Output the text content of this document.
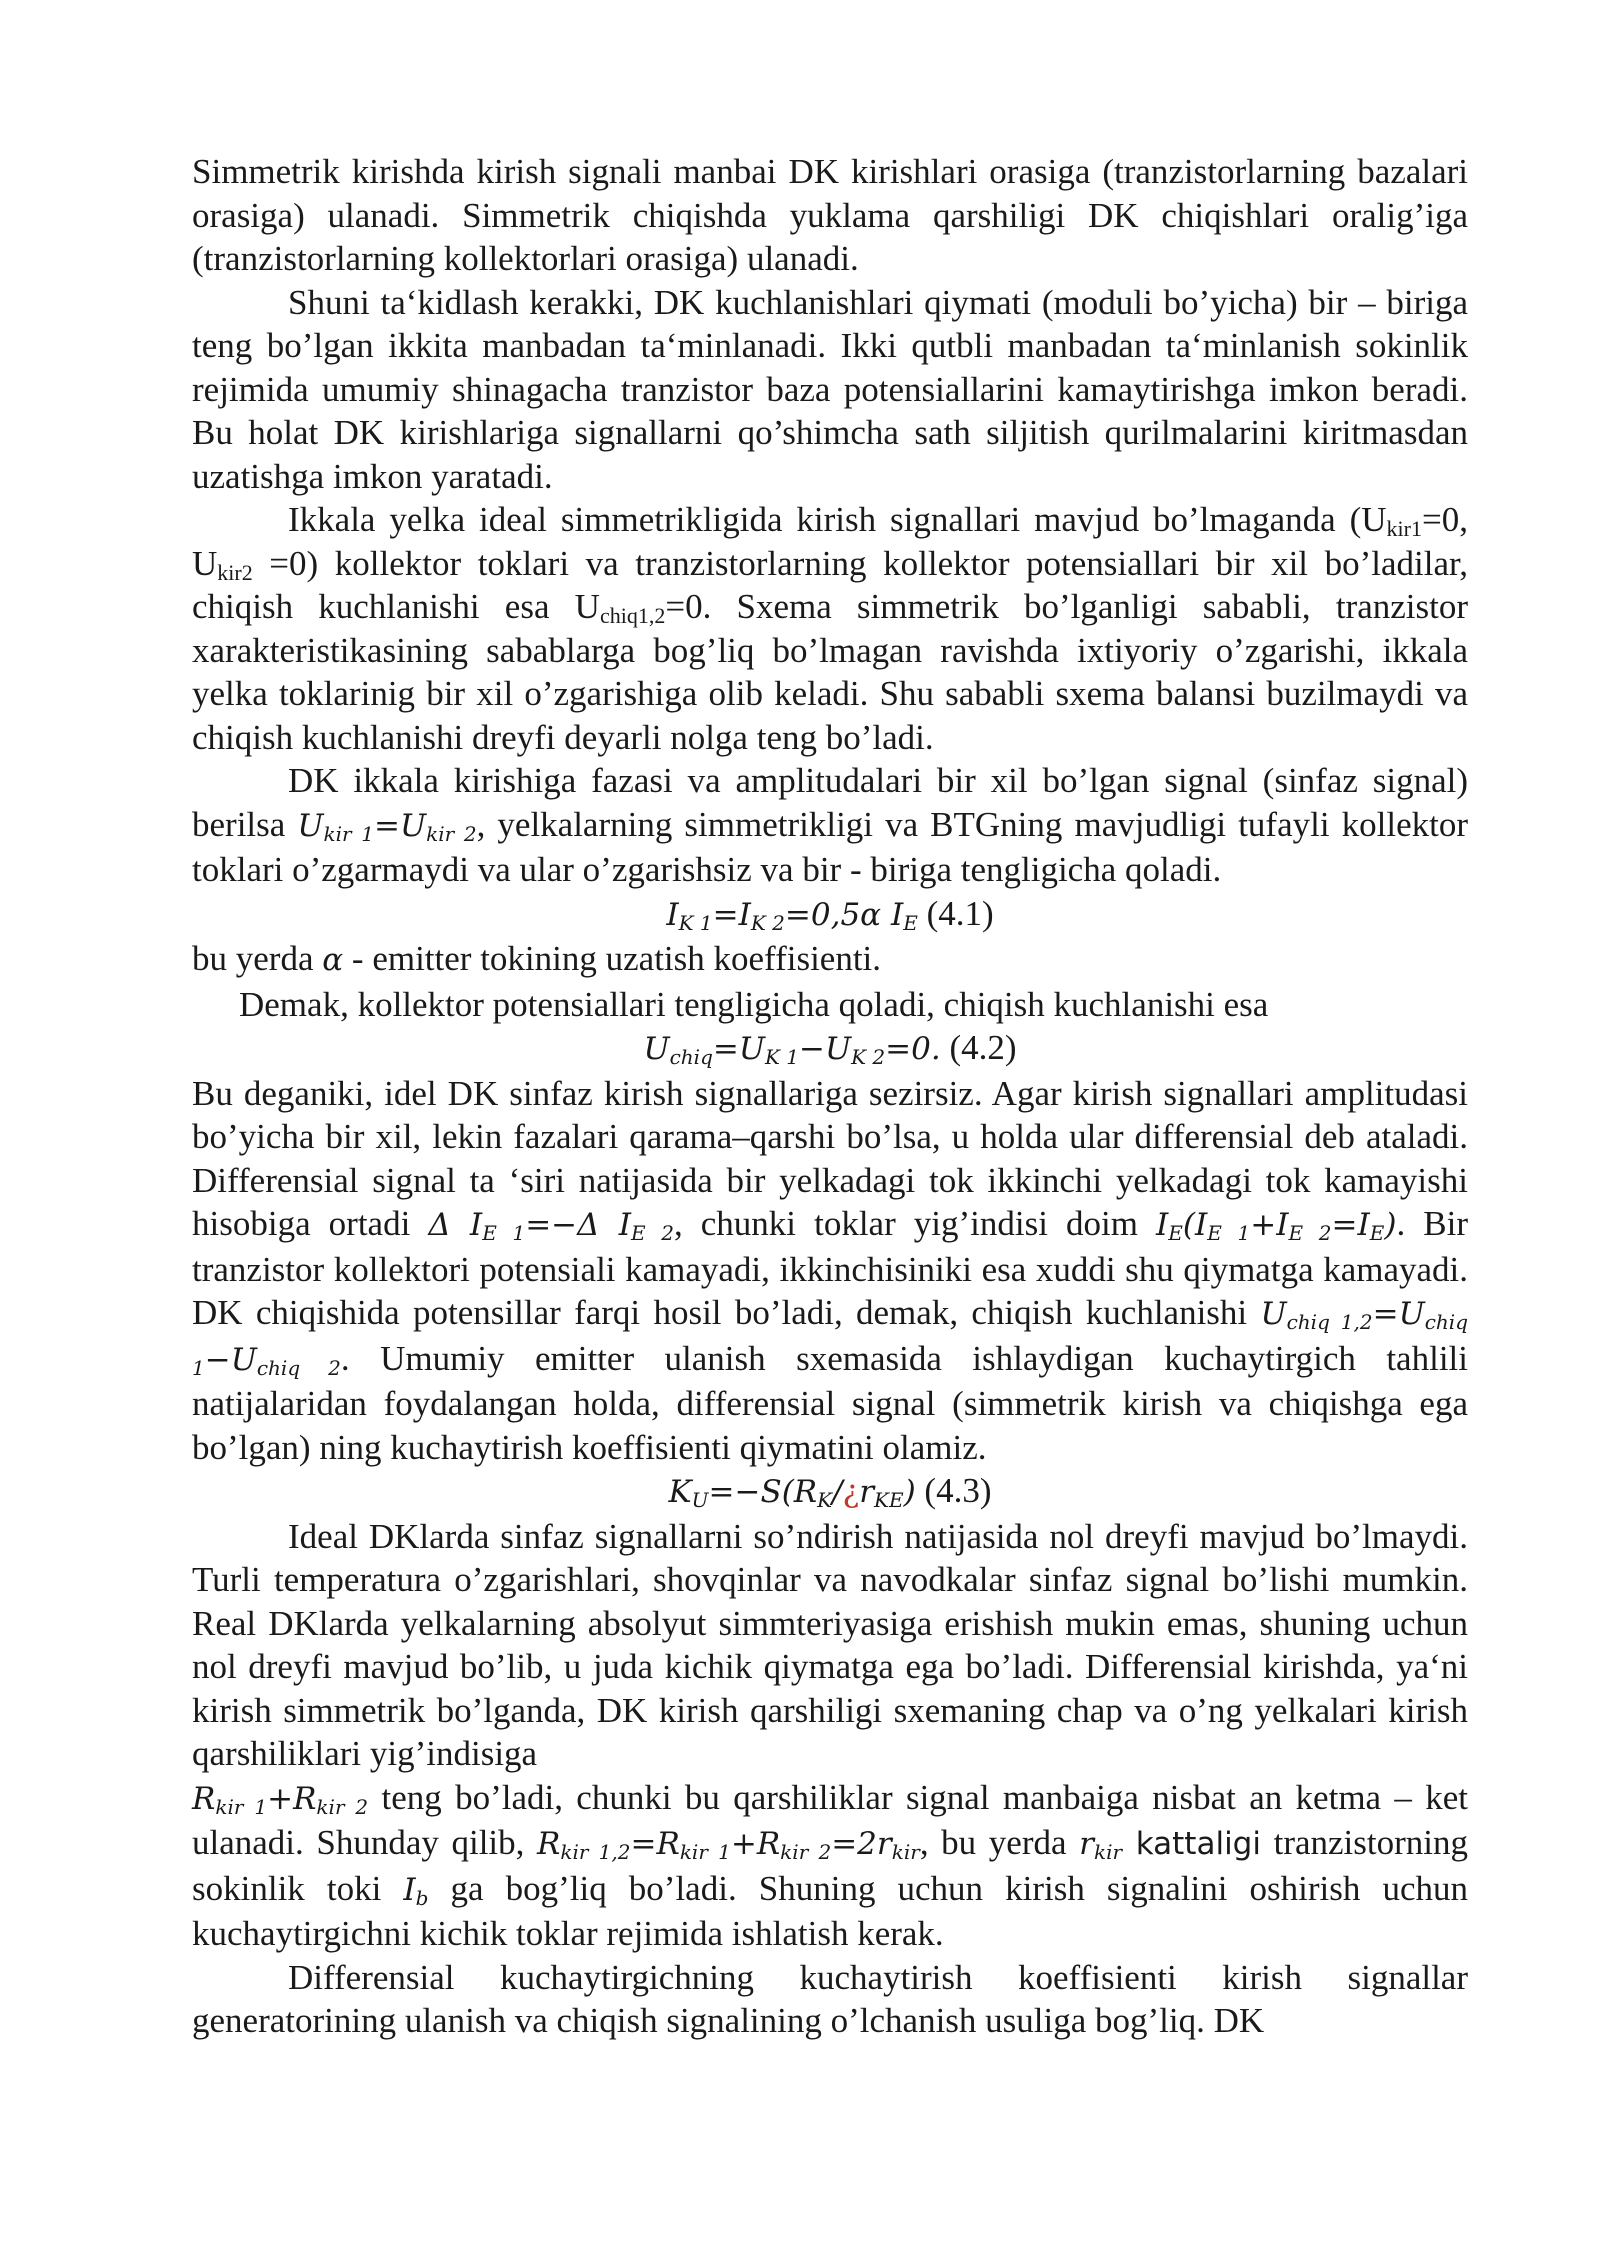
Simmetrik kirishda kirish signali manbai DK kirishlari orasiga (tranzistorlarning bazalari orasiga) ulanadi. Simmetrik chiqishda yuklama qarshiligi DK chiqishlari oralig’iga (tranzistorlarning kollektorlari orasiga) ulanadi.

Shuni ta‘kidlash kerakki, DK kuchlanishlari qiymati (moduli bo’yicha) bir – biriga teng bo’lgan ikkita manbadan ta‘minlanadi. Ikki qutbli manbadan ta‘minlanish sokinlik rejimida umumiy shinagacha tranzistor baza potensiallarini kamaytirishga imkon beradi. Bu holat DK kirishlariga signallarni qo’shimcha sath siljitish qurilmalarini kiritmasdan uzatishga imkon yaratadi.

Ikkala yelka ideal simmetrikligida kirish signallari mavjud bo’lmaganda ($U_{kir1}=0$, $U_{kir2} =0$) kollektor toklari va tranzistorlarning kollektor potensiallari bir xil bo’ladilar, chiqish kuchlanishi esa $U_{chiq1,2}=0$. Sxema simmetrik bo’lganligi sababli, tranzistor xarakteristikasining sabablarga bog’liq bo’lmagan ravishda ixtiyoriy o’zgarishi, ikkala yelka toklarinig bir xil o’zgarishiga olib keladi. Shu sababli sxema balansi buzilmaydi va chiqish kuchlanishi dreyfi deyarli nolga teng bo’ladi.

DK ikkala kirishiga fazasi va amplitudalari bir xil bo’lgan signal (sinfaz signal) berilsa $U_{kir 1}=U_{kir 2}$, yelkalarning simmetrikligi va BTGning mavjudligi tufayli kollektor toklari o’zgarmaydi va ular o’zgarishsiz va bir - biriga tengligicha qoladi.

$I_{K 1}=I_{K 2}=0,5\alpha$ $I_E$ (4.1)

bu yerda α - emitter tokining uzatish koeffisienti.

Demak, kollektor potensiallari tengligicha qoladi, chiqish kuchlanishi esa

$U_{chiq}=U_{K 1}-U_{K 2}=0$. (4.2)

Bu deganiki, idel DK sinfaz kirish signallariga sezirsiz. Agar kirish signallari amplitudasi bo’yicha bir xil, lekin fazalari qarama–qarshi bo’lsa, u holda ular differensial deb ataladi. Differensial signal ta ‘siri natijasida bir yelkadagi tok ikkinchi yelkadagi tok kamayishi hisobiga ortadi Δ $I_{E 1}=-\Delta$ $I_{E 2}$, chunki toklar yig’indisi doim $I_E(I_{E 1}+I_{E 2}=I_E)$. Bir tranzistor kollektori potensiali kamayadi, ikkinchisiniki esa xuddi shu qiymatga kamayadi. DK chiqishida potensillar farqi hosil bo’ladi, demak, chiqish kuchlanishi $U_{chiq 1,2}=U_{chiq 1}-U_{chiq 2}$. Umumiy emitter ulanish sxemasida ishlaydigan kuchaytirgich tahlili natijalaridan foydalangan holda, differensial signal (simmetrik kirish va chiqishga ega bo’lgan) ning kuchaytirish koeffisienti qiymatini olamiz.

$K_U=-S(R_K/¿r_{KE})$ (4.3)

Ideal DKlarda sinfaz signallarni so’ndirish natijasida nol dreyfi mavjud bo’lmaydi. Turli temperatura o’zgarishlari, shovqinlar va navodkalar sinfaz signal bo’lishi mumkin. Real DKlarda yelkalarning absolyut simmteriyasiga erishish mukin emas, shuning uchun nol dreyfi mavjud bo’lib, u juda kichik qiymatga ega bo’ladi. Differensial kirishda, ya‘ni kirish simmetrik bo’lganda, DK kirish qarshiligi sxemaning chap va o’ng yelkalari kirish qarshiliklari yig’indisiga

$R_{kir 1}+R_{kir 2}$ teng bo’ladi, chunki bu qarshiliklar signal manbaiga nisbat an ketma – ket ulanadi. Shunday qilib, $R_{kir 1,2}=R_{kir 1}+R_{kir 2}=2r_{kir}$, bu yerda $r_{kir}$ kattaligi tranzistorning sokinlik toki $I_b$ ga bog’liq bo’ladi. Shuning uchun kirish signalini oshirish uchun kuchaytirgichni kichik toklar rejimida ishlatish kerak.

Differensial kuchaytirgichning kuchaytirish koeffisienti kirish signallar generatorining ulanish va chiqish signalining o’lchanish usuliga bog’liq. DK
